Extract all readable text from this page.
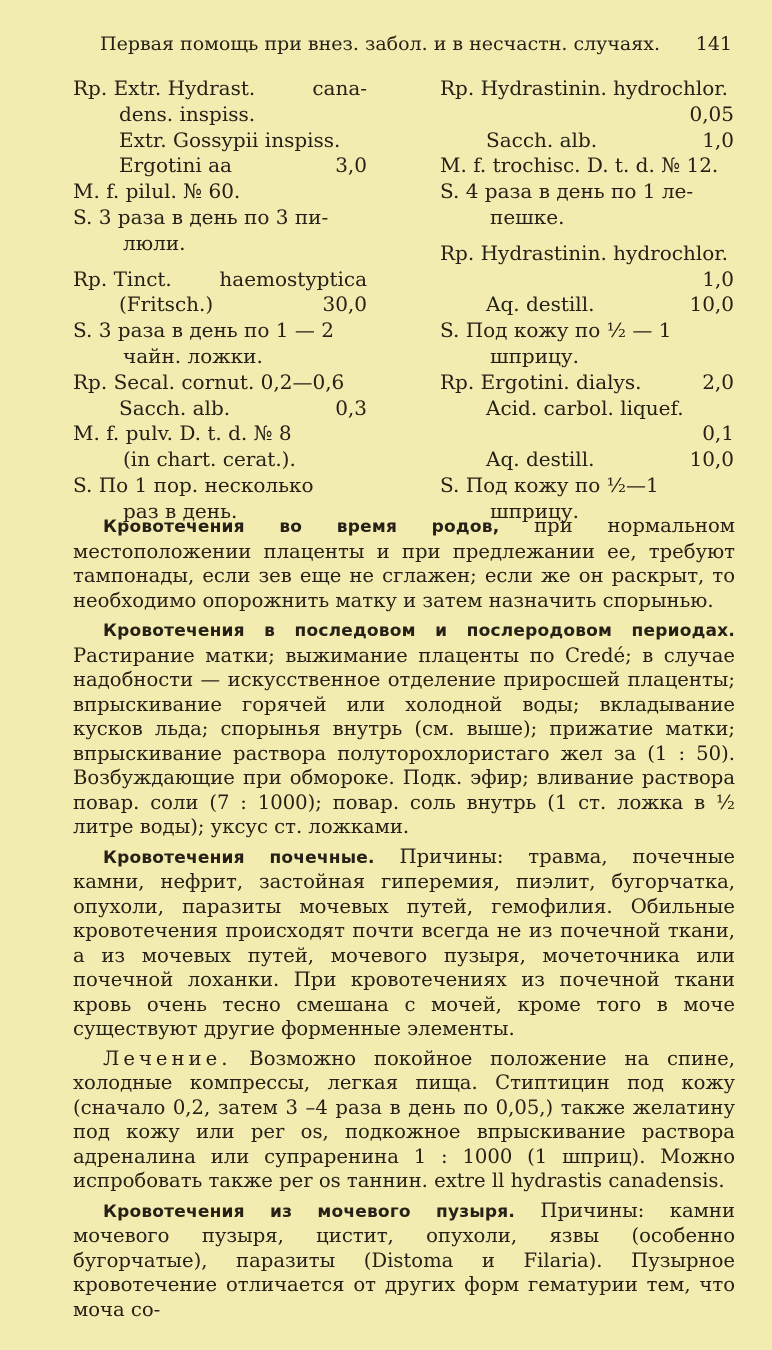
Первая помощь при внез. забол. и в несчастн. случаях. 141
Rp. Extr. Hydrast.	cana-
dens. inspiss.
Extr. Gossypii inspiss.
Ergotini aa	3,0
M. f. pilul. № 60.
S. 3 раза в день по 3 пи-
люли.
Rp. Tinct. haemostyptica
(Fritsch.)	30,0
S. 3 раза в день по 1 — 2
чайн. ложки.
Rp. Secal. cornut. 0,2—0,6
Sacch. alb.	0,3
M. f. pulv. D. t. d. № 8
(in chart. cerat.).
S. По 1 пор. несколько
раз в день.
Rp. Hydrastinin. hydrochlor.
0,05
Sacch. alb.	1,0
M. f. trochisc. D. t. d. № 12.
S. 4 раза в день по 1 ле-
пешке.
Rp. Hydrastinin. hydrochlor.
1,0
Aq. destill.	10,0
S. Под кожу по ½ — 1
шприцу.
Rp. Ergotini. dialys.	2,0
Acid. carbol. liquef.
0,1
Aq. destill.	10,0
S. Под кожу по ½—1
шприцу.

Кровотечения во время родов, при нормальном местоположении плаценты и при предлежании ее, требуют тампонады, если зев еще не сглажен; если же он раскрыт, то необходимо опорожнить матку и затем назначить спорынью.

Кровотечения в последовом и послеродовом периодах. Растирание матки; выжимание плаценты по Credé; в случае надобности — искусственное отделение приросшей плаценты; впрыскивание горячей или холодной воды; вкладывание кусков льда; спорынья внутрь (см. выше); прижатие матки; впрыскивание раствора полуторохлористаго жел за (1 : 50). Возбуждающие при обмороке. Подк. эфир; вливание раствора повар. соли (7 : 1000); повар. соль внутрь (1 ст. ложка в ½ литре воды); уксус ст. ложками.

Кровотечения почечные. Причины: травма, почечные камни, нефрит, застойная гиперемия, пиэлит, бугорчатка, опухоли, паразиты мочевых путей, гемофилия. Обильные кровотечения происходят почти всегда не из почечной ткани, а из мочевых путей, мочевого пузыря, мочеточника или почечной лоханки. При кровотечениях из почечной ткани кровь очень тесно смешана с мочей, кроме того в моче существуют другие форменные элементы.

Лечение. Возможно покойное положение на спине, холодные компрессы, легкая пища. Стиптицин под кожу (сначало 0,2, затем 3 –4 раза в день по 0,05,) также желатину под кожу или per os, подкожное впрыскивание раствора адреналина или супраренина 1 : 1000 (1 шприц). Можно испробовать также per os таннин. extre ll hydrastis canadensis.

Кровотечения из мочевого пузыря. Причины: камни мочевого пузыря, цистит, опухоли, язвы (особенно бугорчатые), паразиты (Distoma и Filaria). Пузырное кровотечение отличается от других форм гематурии тем, что моча со-
